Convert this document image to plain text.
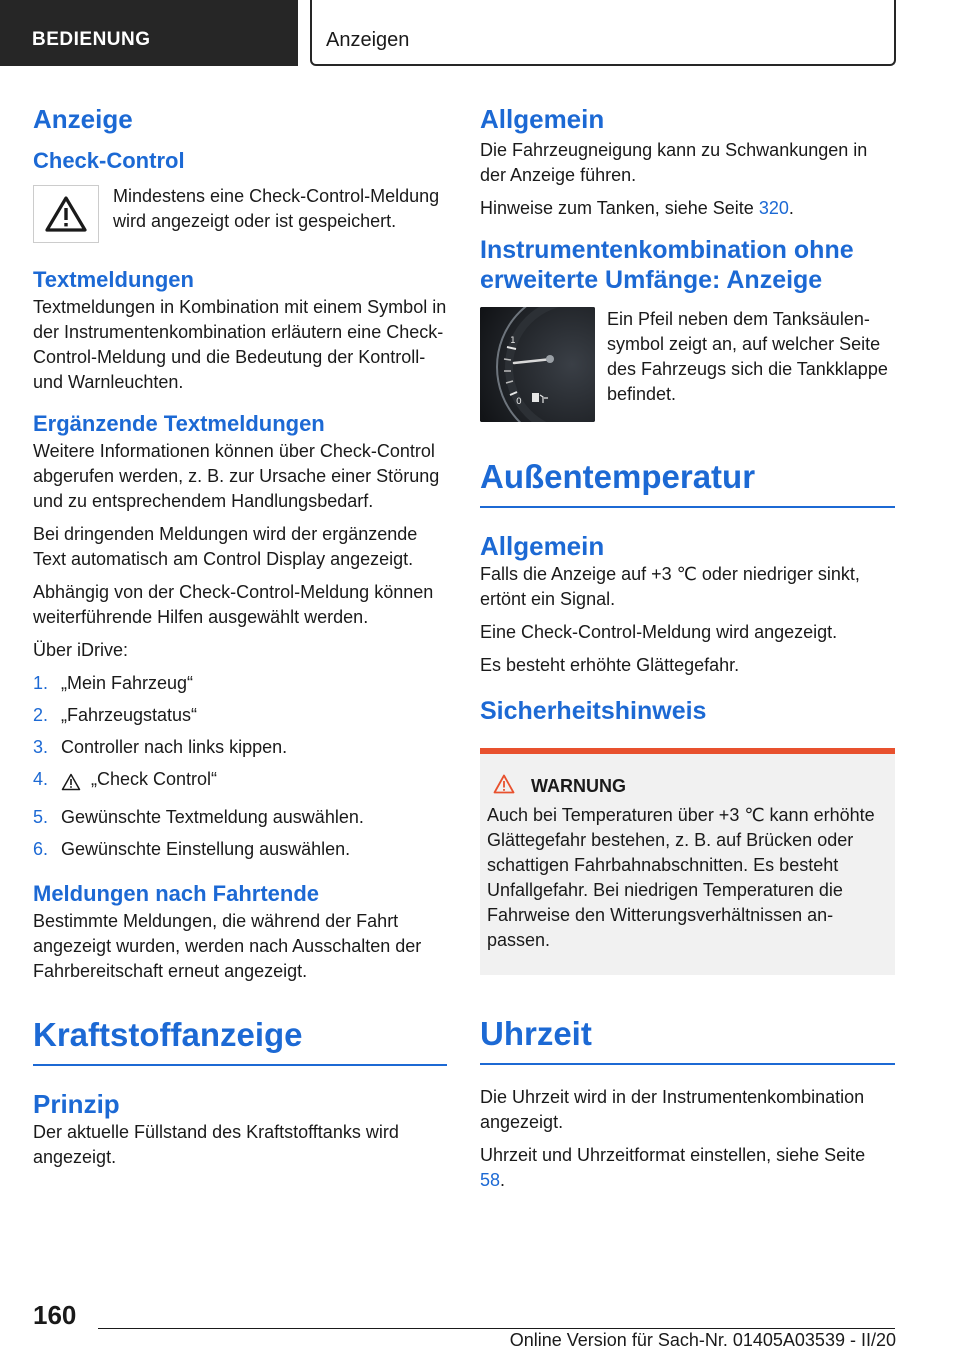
BEDIENUNG	Anzeigen
Anzeige
Check-Control

Mindestens eine Check-Control-Meldung wird angezeigt oder ist gespeichert.

Textmeldungen

Textmeldungen in Kombination mit einem Symbol in der Instrumentenkombination erläutern eine Check-Control-Meldung und die Bedeutung der Kontroll- und Warnleuchten.

Ergänzende Textmeldungen

Weitere Informationen können über Check-Control abgerufen werden, z. B. zur Ursache einer Störung und zu entsprechendem Handlungsbedarf.

Bei dringenden Meldungen wird der ergänzende Text automatisch am Control Display angezeigt.

Abhängig von der Check-Control-Meldung können weiterführende Hilfen ausgewählt werden.

Über iDrive:

1. „Mein Fahrzeug“
2. „Fahrzeugstatus“
3. Controller nach links kippen.
4.	„Check Control“
5. Gewünschte Textmeldung auswählen.
6. Gewünschte Einstellung auswählen.
Meldungen nach Fahrtende

Bestimmte Meldungen, die während der Fahrt angezeigt wurden, werden nach Ausschalten der Fahrbereitschaft erneut angezeigt.

Kraftstoffanzeige
Prinzip

Der aktuelle Füllstand des Kraftstofftanks wird angezeigt.

Allgemein

Die Fahrzeugneigung kann zu Schwankungen in der Anzeige führen.

Hinweise zum Tanken, siehe Seite 320.

Instrumentenkombination ohne erweiterte Umfänge: Anzeige
1
0

Ein Pfeil neben dem Tanksäulensymbol zeigt an, auf welcher Seite des Fahrzeugs sich die Tankklappe befindet.

Außentemperatur
Allgemein

Falls die Anzeige auf +3 ℃ oder niedriger sinkt, ertönt ein Signal.

Eine Check-Control-Meldung wird angezeigt.

Es besteht erhöhte Glättegefahr.

Sicherheitshinweis
WARNUNG

Auch bei Temperaturen über +3 ℃ kann erhöhte Glättegefahr bestehen, z. B. auf Brücken oder schattigen Fahrbahnabschnitten. Es besteht Unfallgefahr. Bei niedrigen Temperaturen die Fahrweise den Witterungsverhältnissen anpassen.

Uhrzeit

Die Uhrzeit wird in der Instrumentenkombination angezeigt.

Uhrzeit und Uhrzeitformat einstellen, siehe Seite 58.

160
Online Version für Sach-Nr. 01405A03539 - II/20
